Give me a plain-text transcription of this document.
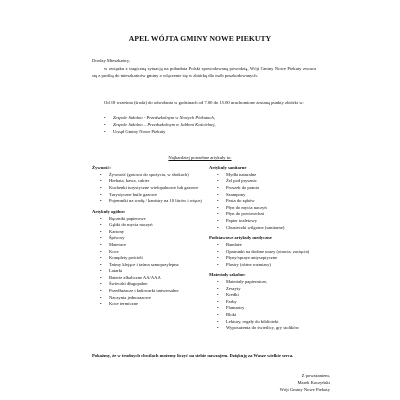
APEL WÓJTA GMINY NOWE PIEKUTY
Drodzy Mieszkańcy,
w związku z tragiczną sytuacją na pobudnia Polski spowodowaną powodzią, Wójt Gminy Nowe Piekuty zwraca się z prośbą do mieszkańców gminy o włączenie się w zbiórkę dla osób poszkodowanych.
Od 18 września (środa) do odwołania w godzinach od 7.00 do 15.00 uruchomione zostaną punkty zbiórki w:
•	Zespole Szkolno - Przedszkolnym w Nowych Piekutach,
•	Zespole Szkolno – Przedszkolnym w Jabłoni Kościelnej,
•	Urząd Gminy Nowe Piekuty
Najbardziej potrzebne artykuły to:
Żywność:
•	Żywność (gotowa do spożycia, w słoikach)
•	Herbata, kawa, cukier
•	Kuchenki turystyczne wielopalnowe lub gazowe
•	Turystyczne butle gazowe
•	Pojemniki na wodę / kanistry na 10 litrów i więcej
Artykuły ogólne:
•	Ręczniki papierowe
•	Gąbki do mycia naczyń
•	Kartony
•	Śpiwory
•	Materace
•	Koce
•	Komplety pościeli
•	Taśmy klejące i taśma samoprzylepna
•	Latarki
•	Baterie alkaliczne AA/AAA
•	Świeczki długopalne
•	Przedłużacze i ładowarki uniwersalne
•	Naczynia jednorazowe
•	Koce termiczne
Artykuły sanitarne
•	Mydła naturalne
•	Żel pod prysznic
•	Proszek do prania
•	Szampony
•	Pasta do zębów
•	Płyn do mycia naczyń
•	Płyn do powierzchni
•	Papier toaletowy
•	Chusteczki wilgotne (sanitarne)
Podstawowe artykuły medyczne
•	Bandaże
•	Opatrunki na drobne urazy (otarcia, zacięcia)
•	Płyny/spraye antyseptyczne
•	Plastry (różne rozmiary)
Materiały szkolne:
•	Materiały papiernicze,
•	Zeszyty
•	Kredki
•	Farby
•	Flamastry
•	Bloki
•	Lektury, regały do biblioteki
•	Wyposażenia do świetlicy, gry stolików
Pokażmy, że w trudnych chwilach możemy liczyć na siebie nawzajem. Dziękuję za Wasze wielkie serca.
Z poważaniem,
Marek Kaczyński
Wójt Gminy Nowe Piekuty
